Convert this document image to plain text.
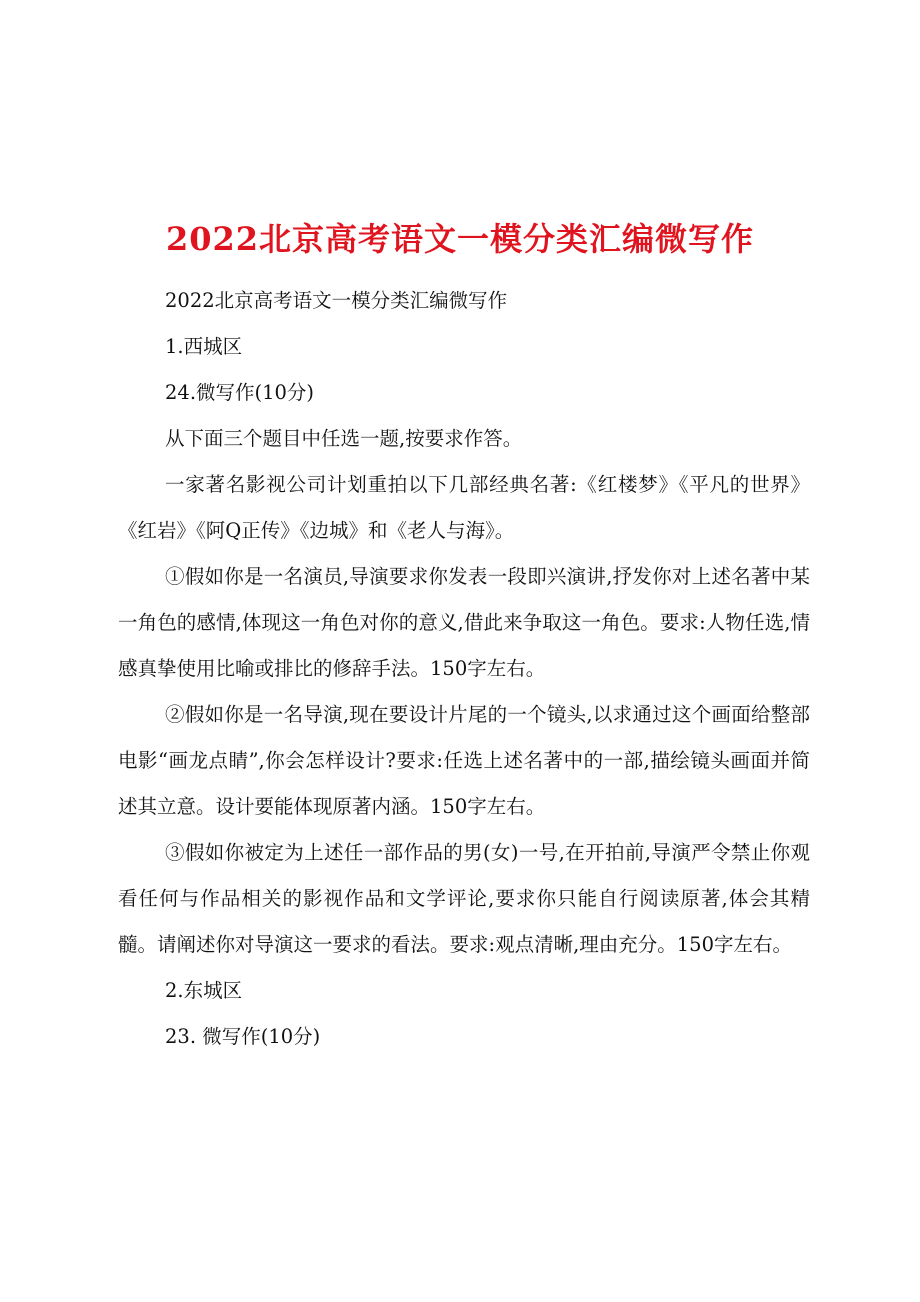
2022北京高考语文一模分类汇编微写作

2022北京高考语文一模分类汇编微写作

1.西城区

24.微写作(10分)

从下面三个题目中任选一题,按要求作答。

一家著名影视公司计划重拍以下几部经典名著:《红楼梦》《平凡的世界》《红岩》《阿Q正传》《边城》和《老人与海》。

①假如你是一名演员,导演要求你发表一段即兴演讲,抒发你对上述名著中某一角色的感情,体现这一角色对你的意义,借此来争取这一角色。要求:人物任选,情感真挚使用比喻或排比的修辞手法。150字左右。

②假如你是一名导演,现在要设计片尾的一个镜头,以求通过这个画面给整部电影“画龙点睛”,你会怎样设计?要求:任选上述名著中的一部,描绘镜头画面并简述其立意。设计要能体现原著内涵。150字左右。

③假如你被定为上述任一部作品的男(女)一号,在开拍前,导演严令禁止你观看任何与作品相关的影视作品和文学评论,要求你只能自行阅读原著,体会其精髓。请阐述你对导演这一要求的看法。要求:观点清晰,理由充分。150字左右。

2.东城区

23. 微写作(10分)
